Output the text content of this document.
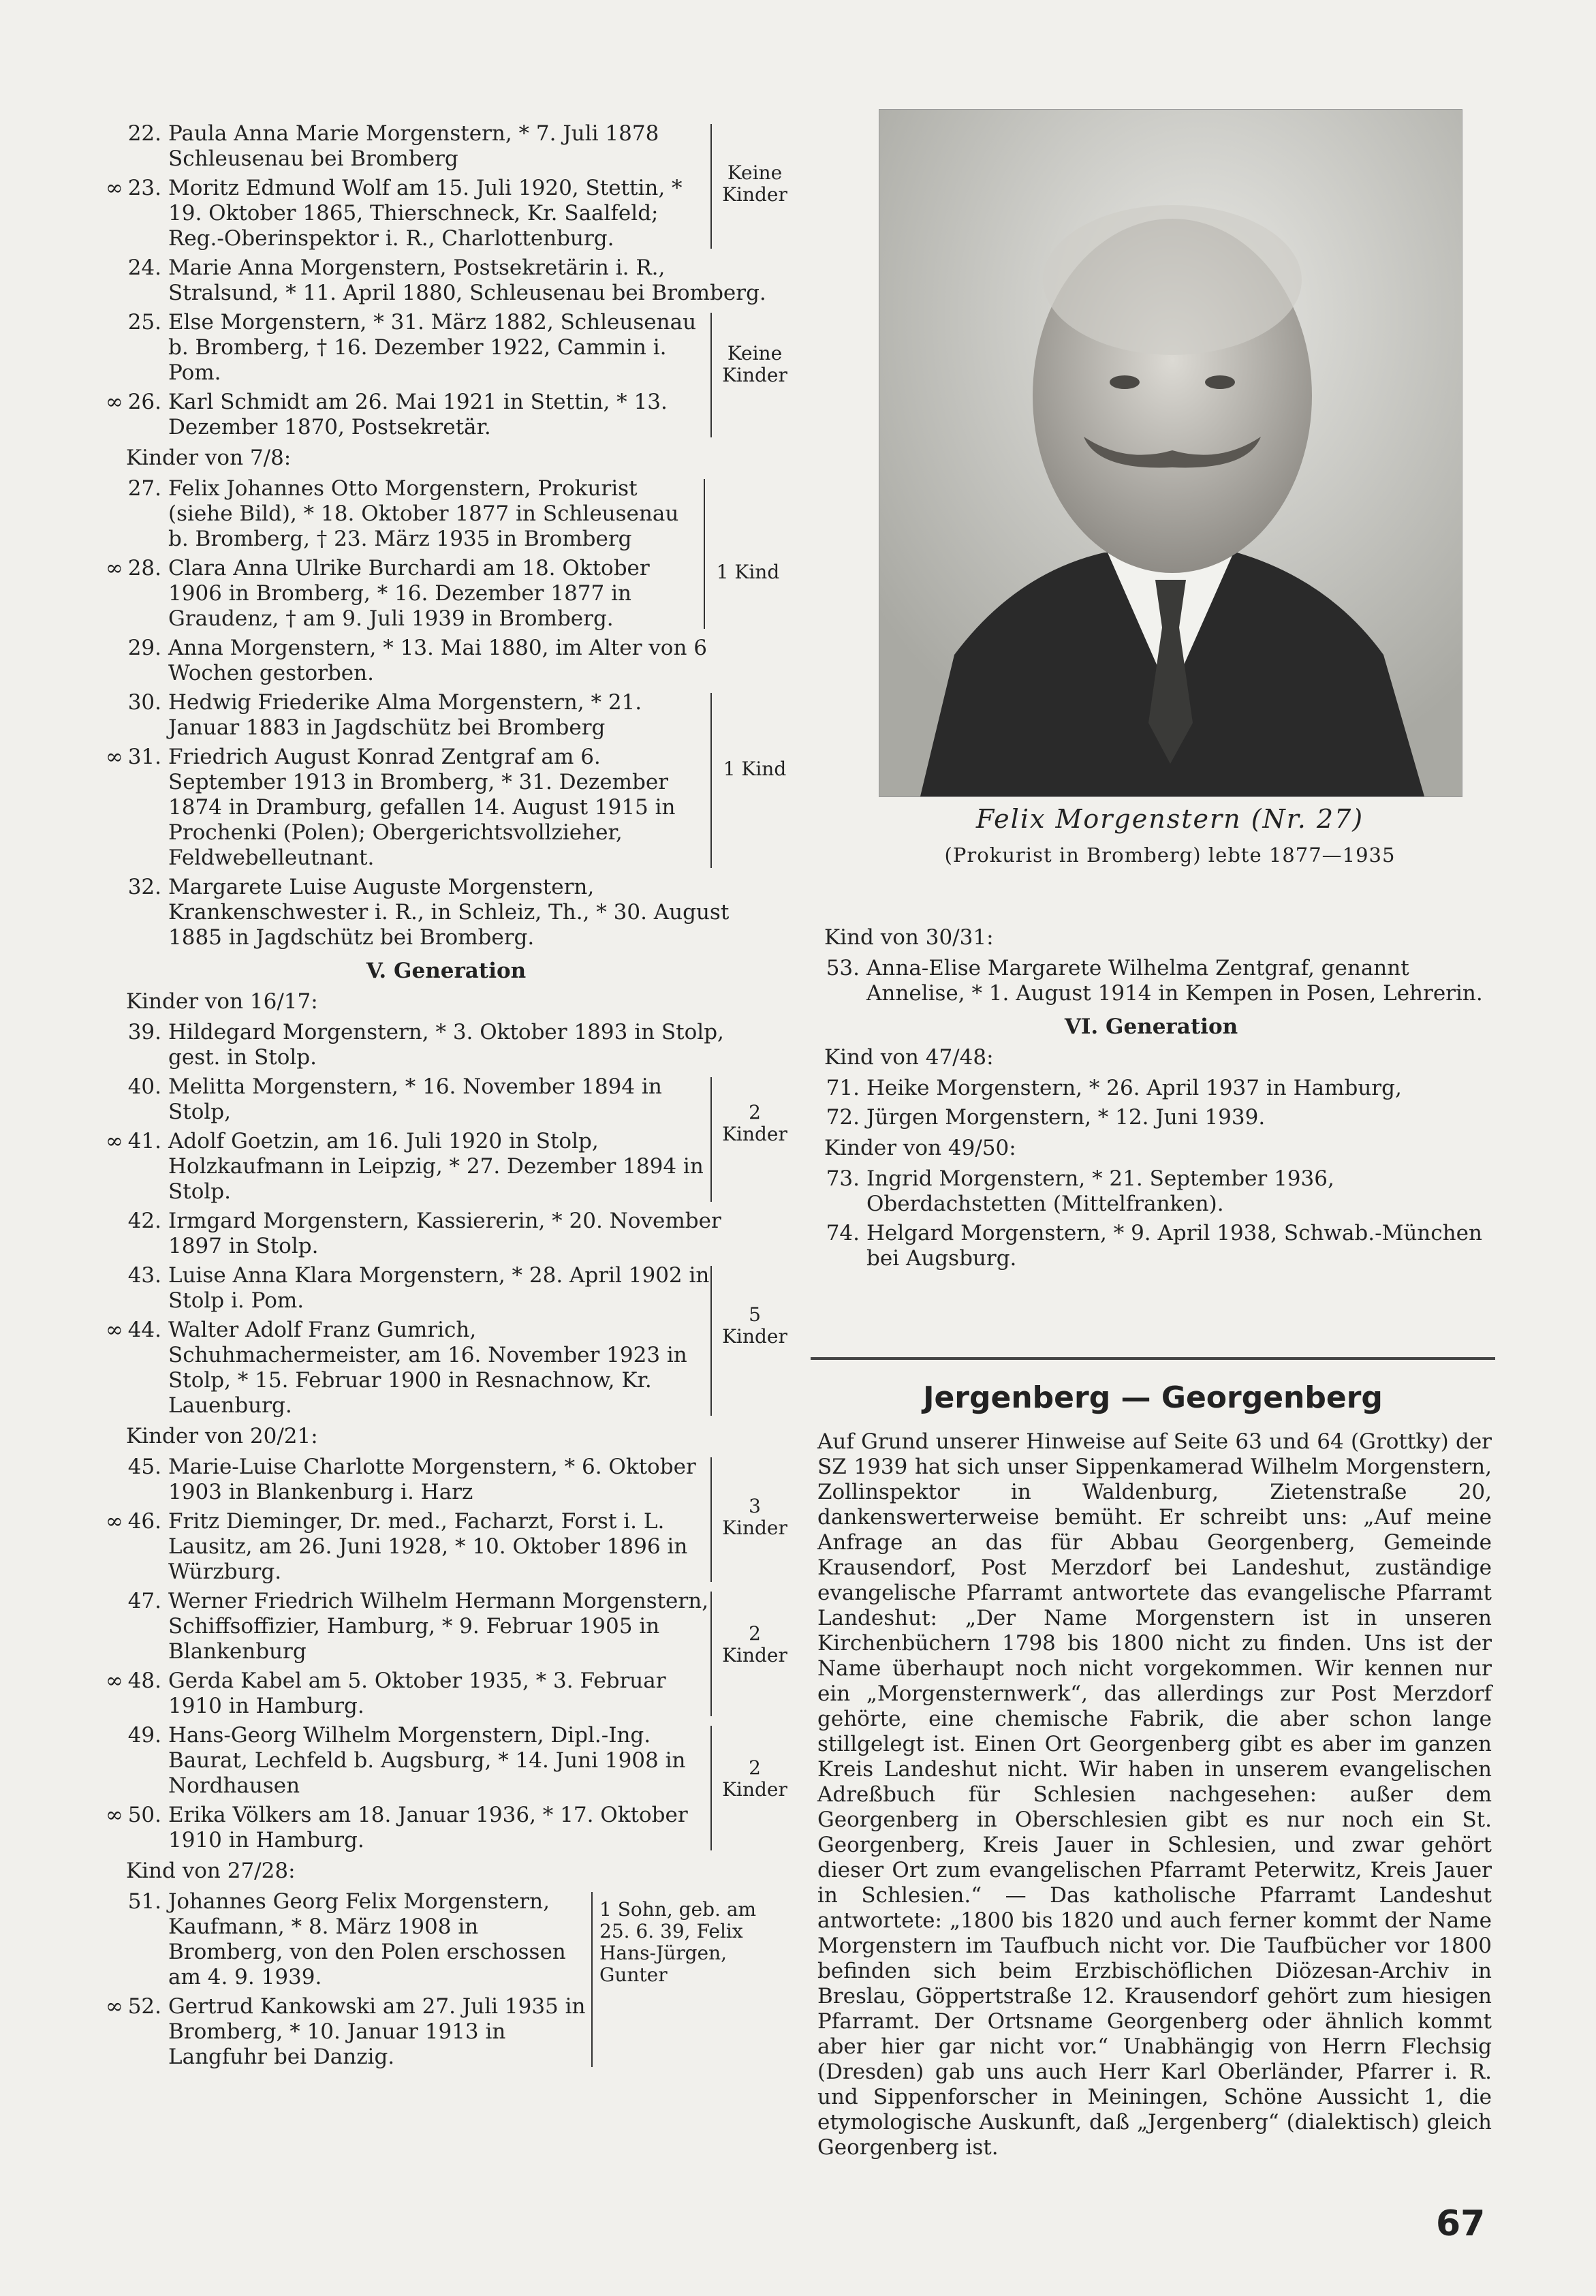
22. Paula Anna Marie Morgenstern, * 7. Juli 1878 Schleusenau bei Bromberg
∞ 23. Moritz Edmund Wolf am 15. Juli 1920, Stettin, * 19. Oktober 1865, Thierschneck, Kr. Saalfeld; Reg.-Oberinspektor i. R., Charlottenburg.
Keine Kinder
24. Marie Anna Morgenstern, Postsekretärin i. R., Stralsund, * 11. April 1880, Schleusenau bei Bromberg.
25. Else Morgenstern, * 31. März 1882, Schleusenau b. Bromberg, † 16. Dezember 1922, Cammin i. Pom.
∞ 26. Karl Schmidt am 26. Mai 1921 in Stettin, * 13. Dezember 1870, Postsekretär.
Keine Kinder
Kinder von 7/8:
27. Felix Johannes Otto Morgenstern, Prokurist (siehe Bild), * 18. Oktober 1877 in Schleusenau b. Bromberg, † 23. März 1935 in Bromberg
∞ 28. Clara Anna Ulrike Burchardi am 18. Oktober 1906 in Bromberg, * 16. Dezember 1877 in Graudenz, † am 9. Juli 1939 in Bromberg.
1 Kind
29. Anna Morgenstern, * 13. Mai 1880, im Alter von 6 Wochen gestorben.
30. Hedwig Friederike Alma Morgenstern, * 21. Januar 1883 in Jagdschütz bei Bromberg
∞ 31. Friedrich August Konrad Zentgraf am 6. September 1913 in Bromberg, * 31. Dezember 1874 in Dramburg, gefallen 14. August 1915 in Prochenki (Polen); Obergerichtsvollzieher, Feldwebelleutnant.
1 Kind
32. Margarete Luise Auguste Morgenstern, Krankenschwester i. R., in Schleiz, Th., * 30. August 1885 in Jagdschütz bei Bromberg.
V. Generation
Kinder von 16/17:
39. Hildegard Morgenstern, * 3. Oktober 1893 in Stolp, gest. in Stolp.
40. Melitta Morgenstern, * 16. November 1894 in Stolp,
∞ 41. Adolf Goetzin, am 16. Juli 1920 in Stolp, Holzkaufmann in Leipzig, * 27. Dezember 1894 in Stolp.
2 Kinder
42. Irmgard Morgenstern, Kassiererin, * 20. November 1897 in Stolp.
43. Luise Anna Klara Morgenstern, * 28. April 1902 in Stolp i. Pom.
∞ 44. Walter Adolf Franz Gumrich, Schuhmachermeister, am 16. November 1923 in Stolp, * 15. Februar 1900 in Resnachnow, Kr. Lauenburg.
5 Kinder
Kinder von 20/21:
45. Marie-Luise Charlotte Morgenstern, * 6. Oktober 1903 in Blankenburg i. Harz
∞ 46. Fritz Dieminger, Dr. med., Facharzt, Forst i. L. Lausitz, am 26. Juni 1928, * 10. Oktober 1896 in Würzburg.
3 Kinder
47. Werner Friedrich Wilhelm Hermann Morgenstern, Schiffsoffizier, Hamburg, * 9. Februar 1905 in Blankenburg
∞ 48. Gerda Kabel am 5. Oktober 1935, * 3. Februar 1910 in Hamburg.
2 Kinder
49. Hans-Georg Wilhelm Morgenstern, Dipl.-Ing. Baurat, Lechfeld b. Augsburg, * 14. Juni 1908 in Nordhausen
∞ 50. Erika Völkers am 18. Januar 1936, * 17. Oktober 1910 in Hamburg.
2 Kinder
Kind von 27/28:
51. Johannes Georg Felix Morgenstern, Kaufmann, * 8. März 1908 in Bromberg, von den Polen erschossen am 4. 9. 1939.
∞ 52. Gertrud Kankowski am 27. Juli 1935 in Bromberg, * 10. Januar 1913 in Langfuhr bei Danzig.
1 Sohn, geb. am 25. 6. 39, Felix Hans-Jürgen, Gunter
Felix Morgenstern (Nr. 27)
(Prokurist in Bromberg) lebte 1877—1935
Kind von 30/31:
53. Anna-Elise Margarete Wilhelma Zentgraf, genannt Annelise, * 1. August 1914 in Kempen in Posen, Lehrerin.
VI. Generation
Kind von 47/48:
71. Heike Morgenstern, * 26. April 1937 in Hamburg,
72. Jürgen Morgenstern, * 12. Juni 1939.
Kinder von 49/50:
73. Ingrid Morgenstern, * 21. September 1936, Oberdachstetten (Mittelfranken).
74. Helgard Morgenstern, * 9. April 1938, Schwab.-München bei Augsburg.
Jergenberg — Georgenberg
Auf Grund unserer Hinweise auf Seite 63 und 64 (Grottky) der SZ 1939 hat sich unser Sippenkamerad Wilhelm Morgenstern, Zollinspektor in Waldenburg, Zietenstraße 20, dankenswerterweise bemüht. Er schreibt uns: „Auf meine Anfrage an das für Abbau Georgenberg, Gemeinde Krausendorf, Post Merzdorf bei Landeshut, zuständige evangelische Pfarramt antwortete das evangelische Pfarramt Landeshut: „Der Name Morgenstern ist in unseren Kirchenbüchern 1798 bis 1800 nicht zu finden. Uns ist der Name überhaupt noch nicht vorgekommen. Wir kennen nur ein „Morgensternwerk“, das allerdings zur Post Merzdorf gehörte, eine chemische Fabrik, die aber schon lange stillgelegt ist. Einen Ort Georgenberg gibt es aber im ganzen Kreis Landeshut nicht. Wir haben in unserem evangelischen Adreßbuch für Schlesien nachgesehen: außer dem Georgenberg in Oberschlesien gibt es nur noch ein St. Georgenberg, Kreis Jauer in Schlesien, und zwar gehört dieser Ort zum evangelischen Pfarramt Peterwitz, Kreis Jauer in Schlesien.“ — Das katholische Pfarramt Landeshut antwortete: „1800 bis 1820 und auch ferner kommt der Name Morgenstern im Taufbuch nicht vor. Die Taufbücher vor 1800 befinden sich beim Erzbischöflichen Diözesan-Archiv in Breslau, Göppertstraße 12. Krausendorf gehört zum hiesigen Pfarramt. Der Ortsname Georgenberg oder ähnlich kommt aber hier gar nicht vor.“ Unabhängig von Herrn Flechsig (Dresden) gab uns auch Herr Karl Oberländer, Pfarrer i. R. und Sippenforscher in Meiningen, Schöne Aussicht 1, die etymologische Auskunft, daß „Jergenberg“ (dialektisch) gleich Georgenberg ist.
67
